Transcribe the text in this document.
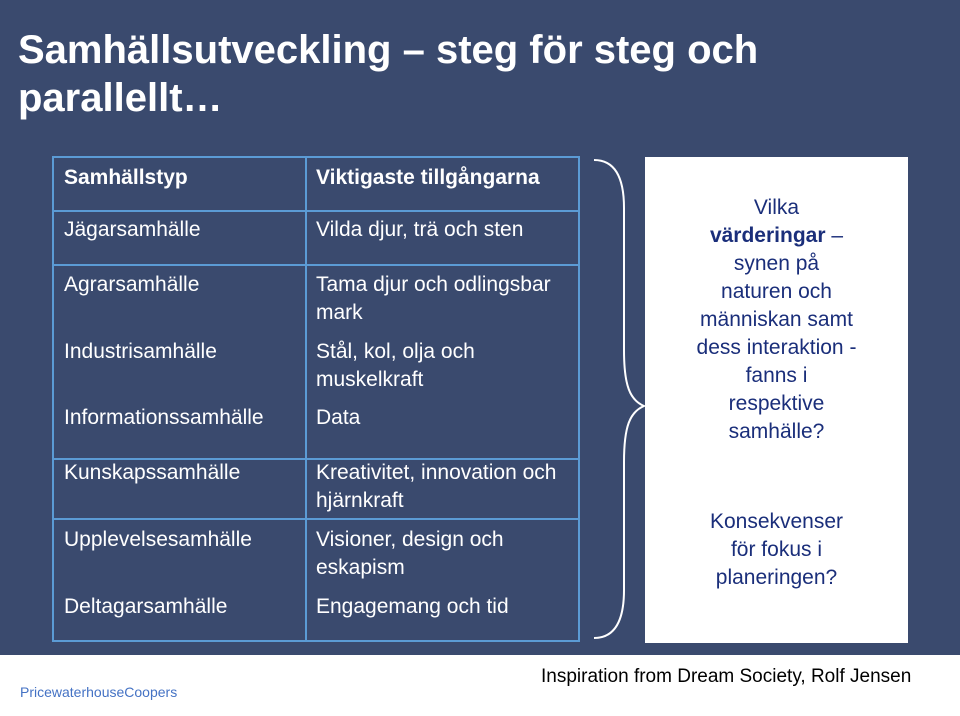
Samhällsutveckling – steg för steg och parallellt…
Samhällstyp	Viktigaste tillgångarna
Jägarsamhälle	Vilda djur, trä och sten
Agrarsamhälle	Tama djur och odlingsbar mark
Industrisamhälle	Stål, kol, olja och muskelkraft
Informationssamhälle	Data
Kunskapssamhälle	Kreativitet, innovation och hjärnkraft
Upplevelsesamhälle	Visioner, design och eskapism
Deltagarsamhälle	Engagemang och tid
Vilka
värderingar –
synen på
naturen och
människan samt
dess interaktion -
fanns i
respektive
samhälle?
Konsekvenser
för fokus i
planeringen?
PricewaterhouseCoopers
Inspiration from Dream Society, Rolf Jensen
